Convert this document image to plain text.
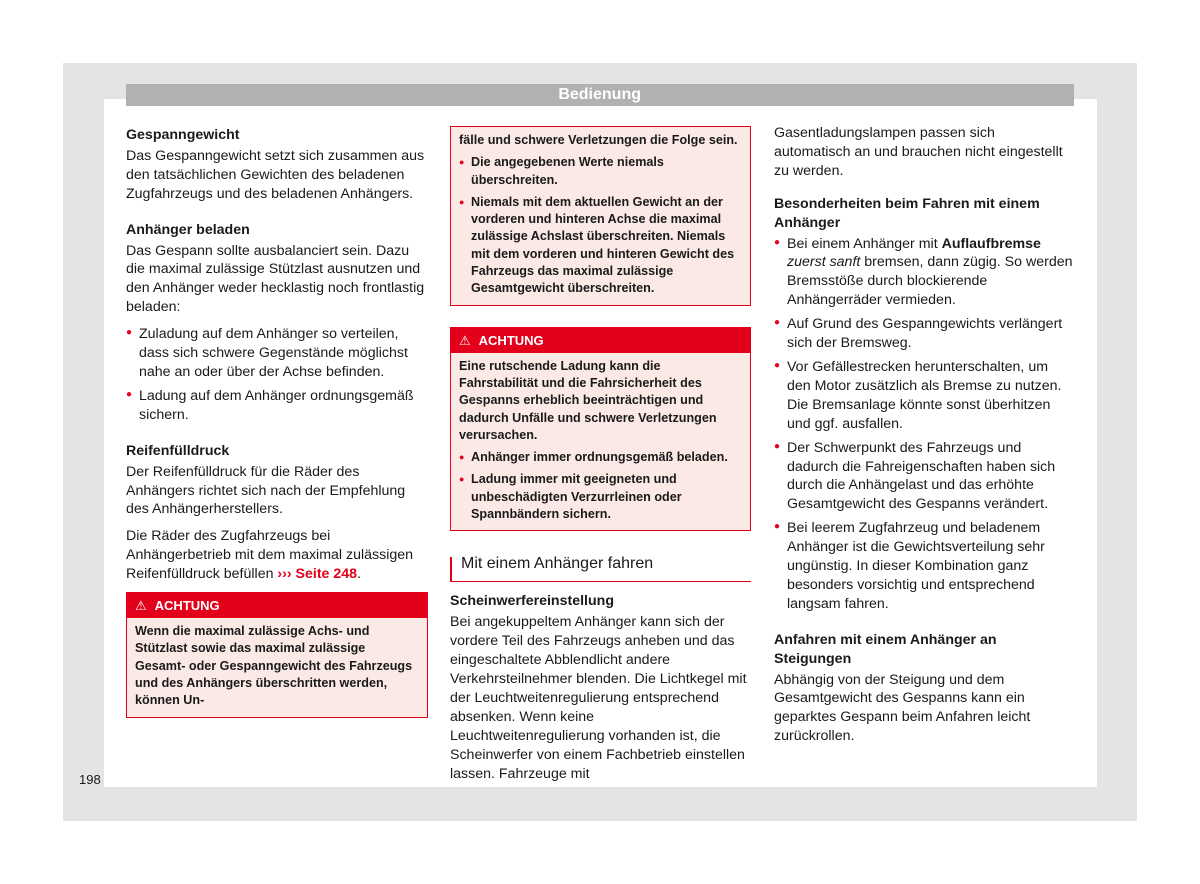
Bedienung
Gespanngewicht

Das Gespanngewicht setzt sich zusammen aus den tatsächlichen Gewichten des beladenen Zugfahrzeugs und des beladenen Anhängers.

Anhänger beladen

Das Gespann sollte ausbalanciert sein. Dazu die maximal zulässige Stützlast ausnutzen und den Anhänger weder hecklastig noch frontlastig beladen:

● Zuladung auf dem Anhänger so verteilen, dass sich schwere Gegenstände möglichst nahe an oder über der Achse befinden.
● Ladung auf dem Anhänger ordnungsgemäß sichern.
Reifenfülldruck

Der Reifenfülldruck für die Räder des Anhängers richtet sich nach der Empfehlung des Anhängerherstellers.

Die Räder des Zugfahrzeugs bei Anhängerbetrieb mit dem maximal zulässigen Reifenfülldruck befüllen ››› Seite 248.

⚠ ACHTUNG
Wenn die maximal zulässige Achs- und Stützlast sowie das maximal zulässige Gesamt- oder Gespanngewicht des Fahrzeugs und des Anhängers überschritten werden, können Un-
fälle und schwere Verletzungen die Folge sein.
● Die angegebenen Werte niemals überschreiten.
● Niemals mit dem aktuellen Gewicht an der vorderen und hinteren Achse die maximal zulässige Achslast überschreiten. Niemals mit dem vorderen und hinteren Gewicht des Fahrzeugs das maximal zulässige Gesamtgewicht überschreiten.
⚠ ACHTUNG
Eine rutschende Ladung kann die Fahrstabilität und die Fahrsicherheit des Gespanns erheblich beeinträchtigen und dadurch Unfälle und schwere Verletzungen verursachen.
● Anhänger immer ordnungsgemäß beladen.
● Ladung immer mit geeigneten und unbeschädigten Verzurrleinen oder Spannbändern sichern.
Mit einem Anhänger fahren
Scheinwerfereinstellung

Bei angekuppeltem Anhänger kann sich der vordere Teil des Fahrzeugs anheben und das eingeschaltete Abblendlicht andere Verkehrsteilnehmer blenden. Die Lichtkegel mit der Leuchtweitenregulierung entsprechend absenken. Wenn keine Leuchtweitenregulierung vorhanden ist, die Scheinwerfer von einem Fachbetrieb einstellen lassen. Fahrzeuge mit

Gasentladungslampen passen sich automatisch an und brauchen nicht eingestellt zu werden.

Besonderheiten beim Fahren mit einem Anhänger
● Bei einem Anhänger mit Auflaufbremse zuerst sanft bremsen, dann zügig. So werden Bremsstöße durch blockierende Anhängerräder vermieden.
● Auf Grund des Gespanngewichts verlängert sich der Bremsweg.
● Vor Gefällestrecken herunterschalten, um den Motor zusätzlich als Bremse zu nutzen. Die Bremsanlage könnte sonst überhitzen und ggf. ausfallen.
● Der Schwerpunkt des Fahrzeugs und dadurch die Fahreigenschaften haben sich durch die Anhängelast und das erhöhte Gesamtgewicht des Gespanns verändert.
● Bei leerem Zugfahrzeug und beladenem Anhänger ist die Gewichtsverteilung sehr ungünstig. In dieser Kombination ganz besonders vorsichtig und entsprechend langsam fahren.
Anfahren mit einem Anhänger an Steigungen

Abhängig von der Steigung und dem Gesamtgewicht des Gespanns kann ein geparktes Gespann beim Anfahren leicht zurückrollen.

198
